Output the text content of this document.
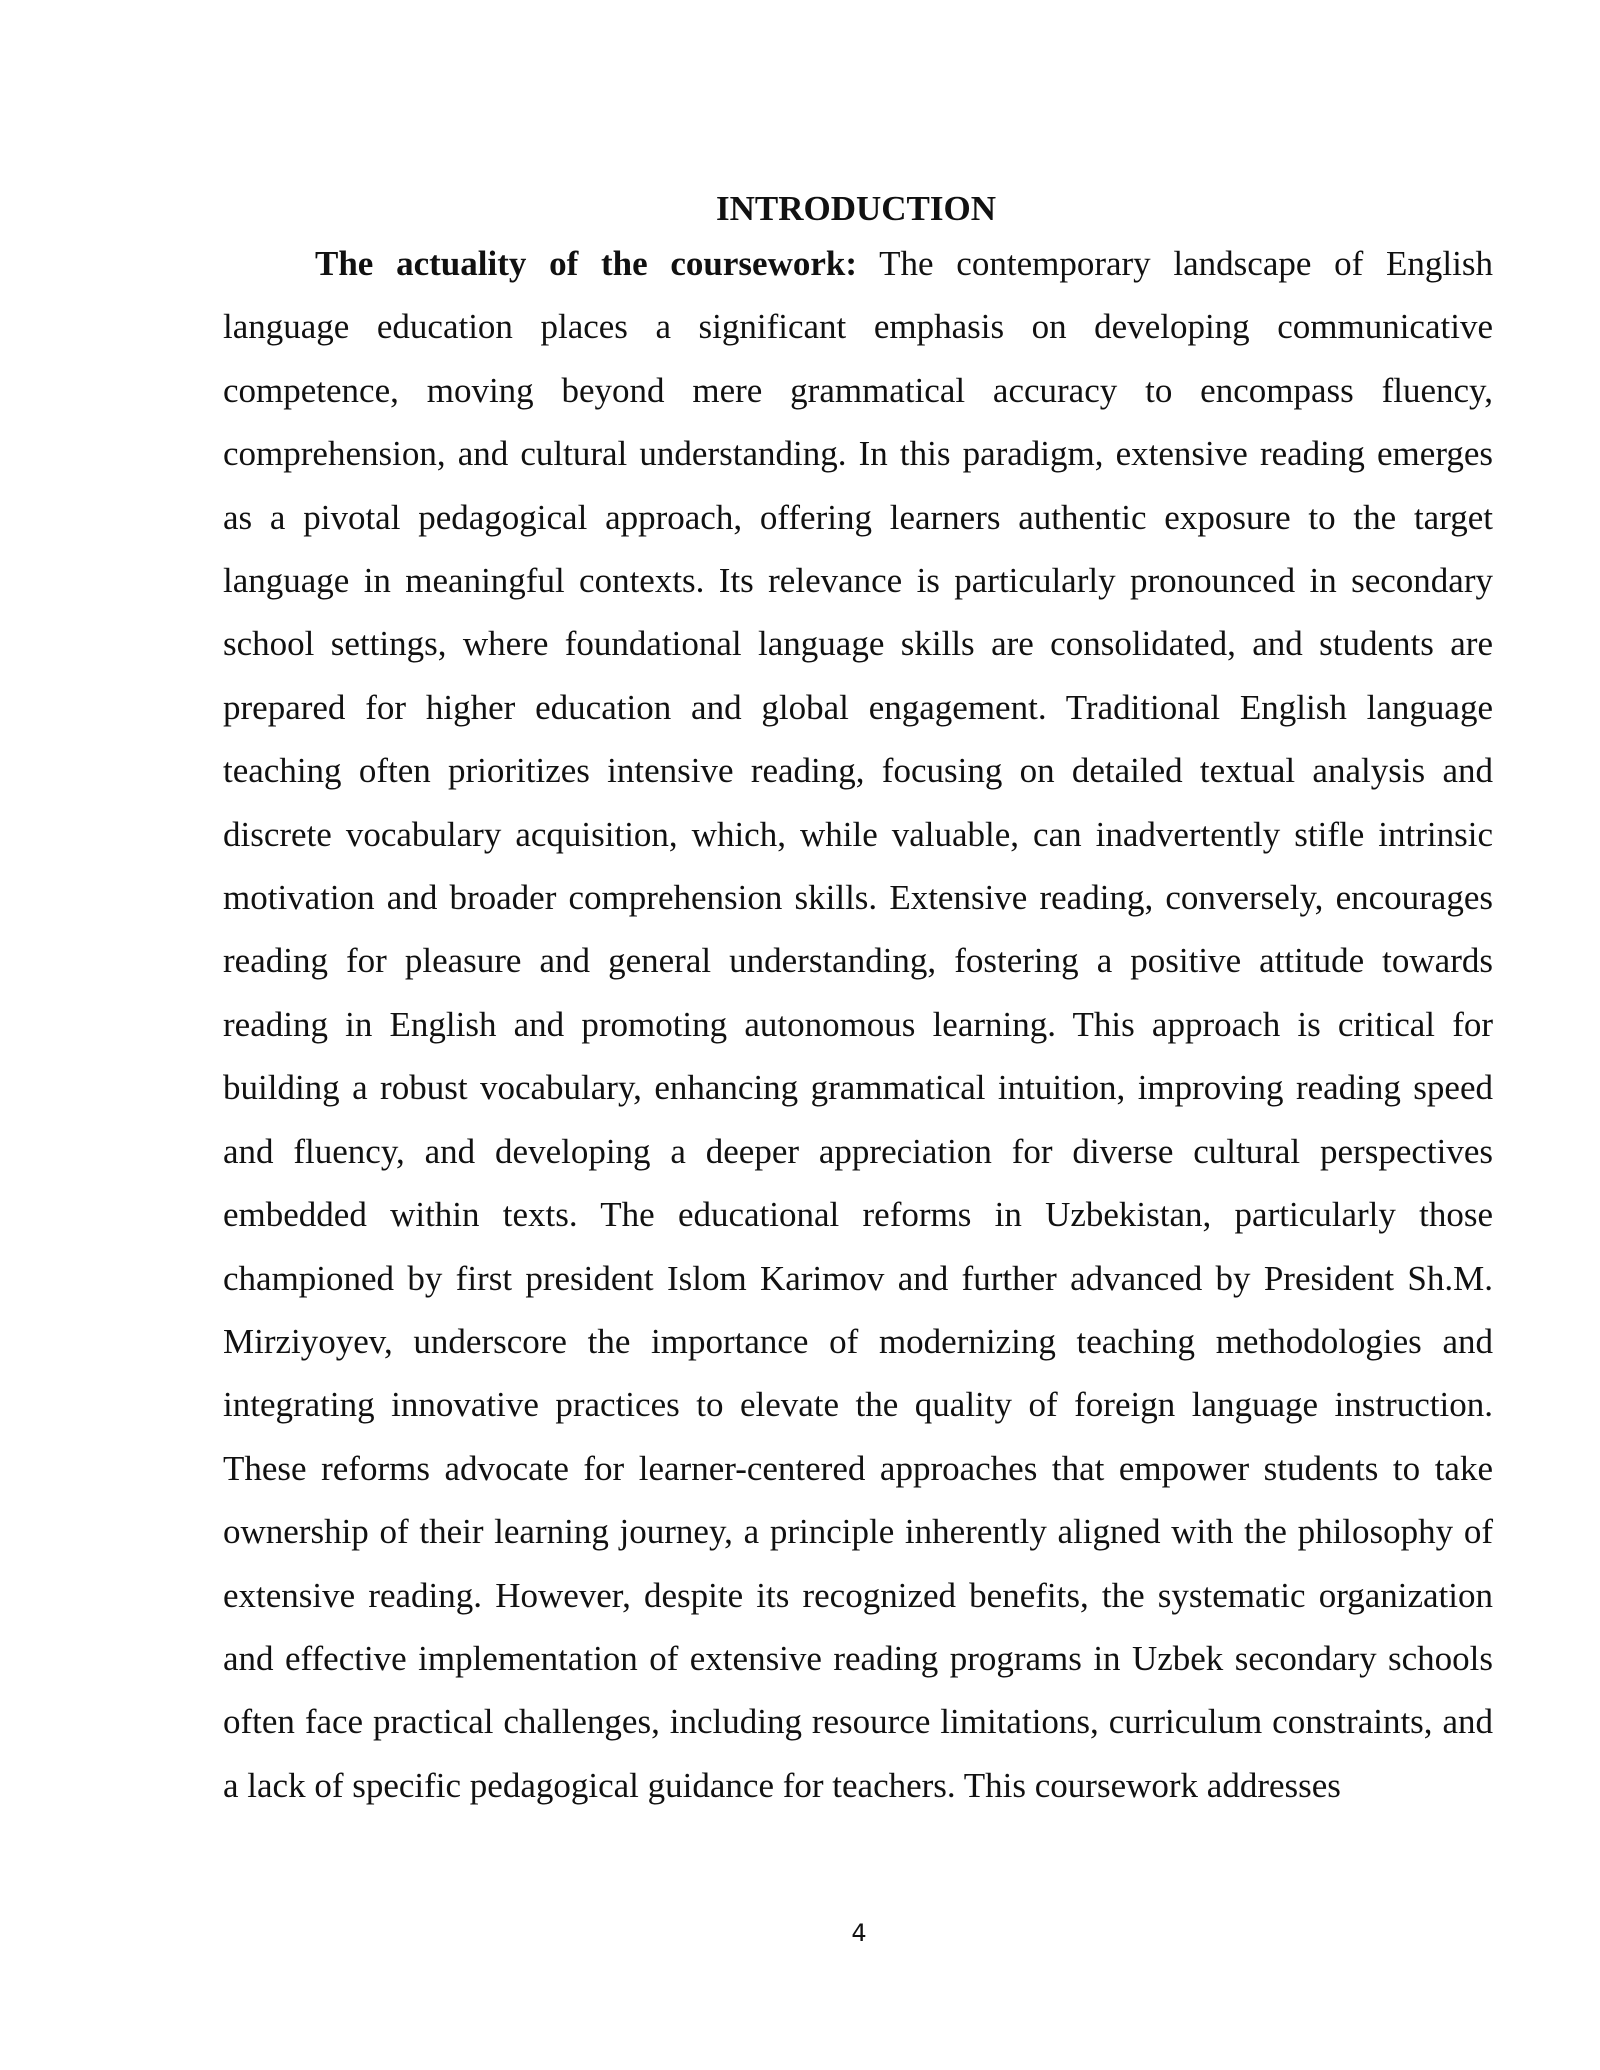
INTRODUCTION

The actuality of the coursework: The contemporary landscape of English language education places a significant emphasis on developing communicative competence, moving beyond mere grammatical accuracy to encompass fluency, comprehension, and cultural understanding. In this paradigm, extensive reading emerges as a pivotal pedagogical approach, offering learners authentic exposure to the target language in meaningful contexts. Its relevance is particularly pronounced in secondary school settings, where foundational language skills are consolidated, and students are prepared for higher education and global engagement. Traditional English language teaching often prioritizes intensive reading, focusing on detailed textual analysis and discrete vocabulary acquisition, which, while valuable, can inadvertently stifle intrinsic motivation and broader comprehension skills. Extensive reading, conversely, encourages reading for pleasure and general understanding, fostering a positive attitude towards reading in English and promoting autonomous learning. This approach is critical for building a robust vocabulary, enhancing grammatical intuition, improving reading speed and fluency, and developing a deeper appreciation for diverse cultural perspectives embedded within texts. The educational reforms in Uzbekistan, particularly those championed by first president Islom Karimov and further advanced by President Sh.M. Mirziyoyev, underscore the importance of modernizing teaching methodologies and integrating innovative practices to elevate the quality of foreign language instruction. These reforms advocate for learner-centered approaches that empower students to take ownership of their learning journey, a principle inherently aligned with the philosophy of extensive reading. However, despite its recognized benefits, the systematic organization and effective implementation of extensive reading programs in Uzbek secondary schools often face practical challenges, including resource limitations, curriculum constraints, and a lack of specific pedagogical guidance for teachers. This coursework addresses

4
